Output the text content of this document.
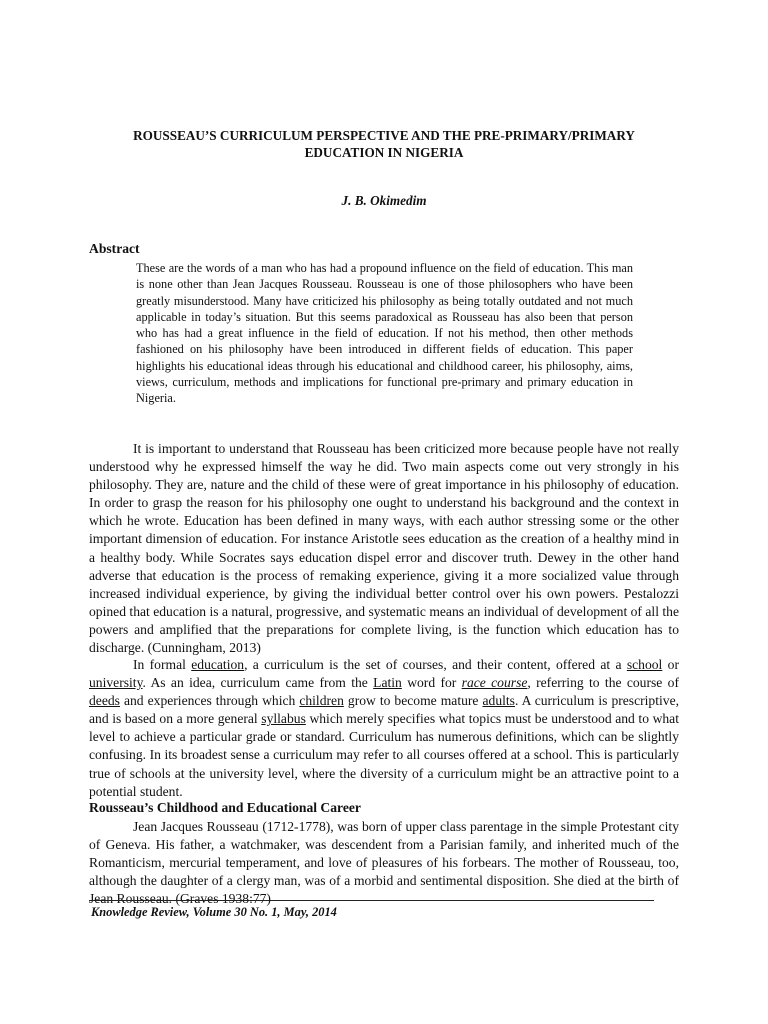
ROUSSEAU’S CURRICULUM PERSPECTIVE AND THE PRE-PRIMARY/PRIMARY EDUCATION IN NIGERIA

J. B. Okimedim

Abstract

These are the words of a man who has had a propound influence on the field of education. This man is none other than Jean Jacques Rousseau. Rousseau is one of those philosophers who have been greatly misunderstood. Many have criticized his philosophy as being totally outdated and not much applicable in today’s situation. But this seems paradoxical as Rousseau has also been that person who has had a great influence in the field of education. If not his method, then other methods fashioned on his philosophy have been introduced in different fields of education. This paper highlights his educational ideas through his educational and childhood career, his philosophy, aims, views, curriculum, methods and implications for functional pre-primary and primary education in Nigeria.

It is important to understand that Rousseau has been criticized more because people have not really understood why he expressed himself the way he did. Two main aspects come out very strongly in his philosophy. They are, nature and the child of these were of great importance in his philosophy of education. In order to grasp the reason for his philosophy one ought to understand his background and the context in which he wrote. Education has been defined in many ways, with each author stressing some or the other important dimension of education. For instance Aristotle sees education as the creation of a healthy mind in a healthy body. While Socrates says education dispel error and discover truth. Dewey in the other hand adverse that education is the process of remaking experience, giving it a more socialized value through increased individual experience, by giving the individual better control over his own powers. Pestalozzi opined that education is a natural, progressive, and systematic means an individual of development of all the powers and amplified that the preparations for complete living, is the function which education has to discharge. (Cunningham, 2013)

In formal education, a curriculum is the set of courses, and their content, offered at a school or university. As an idea, curriculum came from the Latin word for race course, referring to the course of deeds and experiences through which children grow to become mature adults. A curriculum is prescriptive, and is based on a more general syllabus which merely specifies what topics must be understood and to what level to achieve a particular grade or standard. Curriculum has numerous definitions, which can be slightly confusing. In its broadest sense a curriculum may refer to all courses offered at a school. This is particularly true of schools at the university level, where the diversity of a curriculum might be an attractive point to a potential student.

Rousseau’s Childhood and Educational Career

Jean Jacques Rousseau (1712-1778), was born of upper class parentage in the simple Protestant city of Geneva. His father, a watchmaker, was descendent from a Parisian family, and inherited much of the Romanticism, mercurial temperament, and love of pleasures of his forbears. The mother of Rousseau, too, although the daughter of a clergy man, was of a morbid and sentimental disposition. She died at the birth of Jean Rousseau. (Graves 1938:77)

Knowledge Review, Volume 30 No. 1, May, 2014
